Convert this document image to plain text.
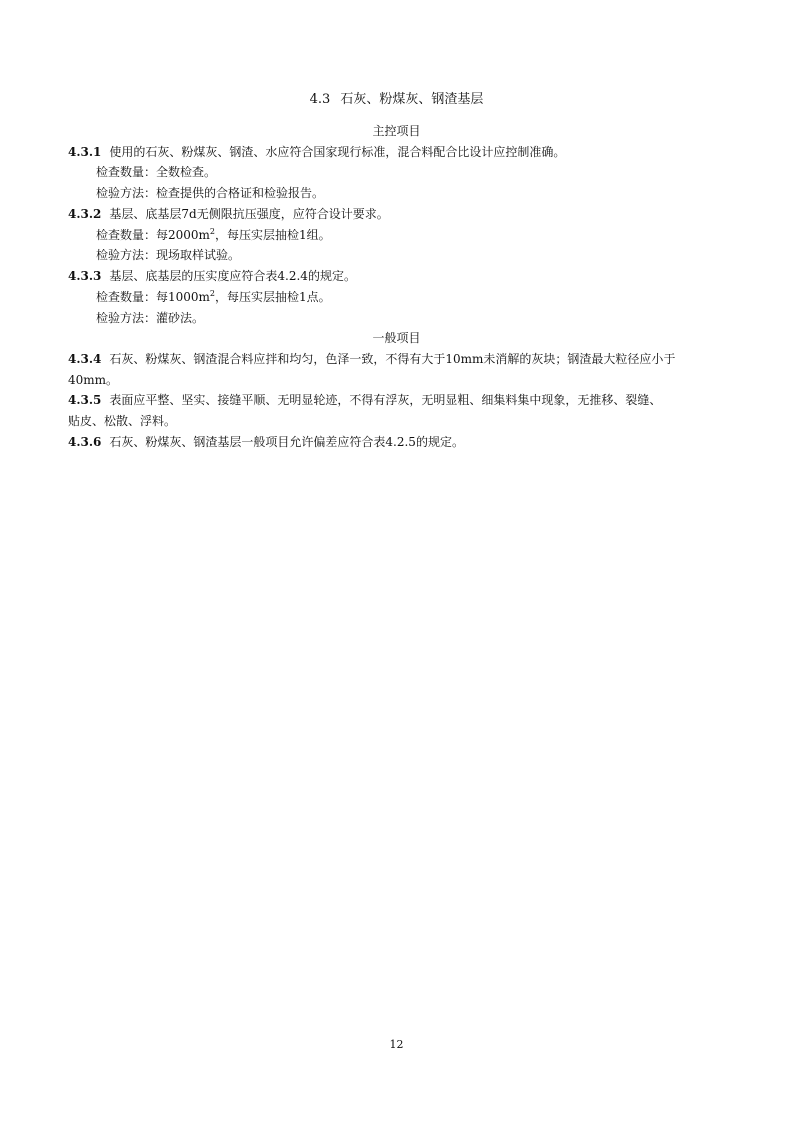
4.3 石灰、粉煤灰、钢渣基层
主控项目
4.3.1 使用的石灰、粉煤灰、钢渣、水应符合国家现行标准，混合料配合比设计应控制准确。
检查数量：全数检查。
检验方法：检查提供的合格证和检验报告。
4.3.2 基层、底基层7d无侧限抗压强度，应符合设计要求。
检查数量：每$2000m^2$，每压实层抽检1组。
检验方法：现场取样试验。
4.3.3 基层、底基层的压实度应符合表4.2.4的规定。
检查数量：每$1000m^2$，每压实层抽检1点。
检验方法：灌砂法。
一般项目
4.3.4 石灰、粉煤灰、钢渣混合料应拌和均匀，色泽一致，不得有大于10mm未消解的灰块；钢渣最大粒径应小于
40mm。
4.3.5 表面应平整、坚实、接缝平顺、无明显轮迹，不得有浮灰，无明显粗、细集料集中现象，无推移、裂缝、
贴皮、松散、浮料。
4.3.6 石灰、粉煤灰、钢渣基层一般项目允许偏差应符合表4.2.5的规定。
12
